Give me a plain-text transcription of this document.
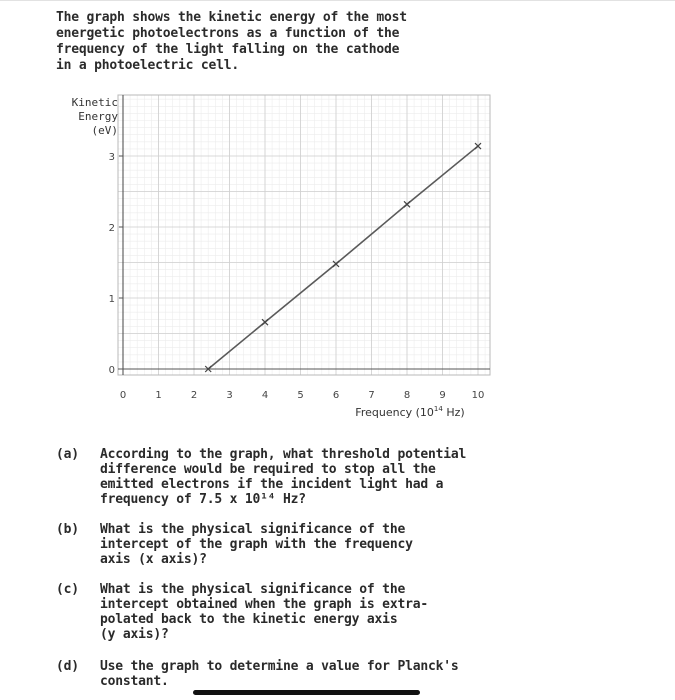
The graph shows the kinetic energy of the most
energetic photoelectrons as a function of the
frequency of the light falling on the cathode
in a photoelectric cell.
Kinetic
Energy
(eV)
0
1
2
3
0	1	2	3	4	5	6	7	8	9	10
Frequency ($10^{14}$ Hz)
(a)	According to the graph, what threshold potential
difference would be required to stop all the
emitted electrons if the incident light had a
frequency of 7.5 x 10¹⁴ Hz?
(b)	What is the physical significance of the
intercept of the graph with the frequency
axis (x axis)?
(c)	What is the physical significance of the
intercept obtained when the graph is extra-
polated back to the kinetic energy axis
(y axis)?
(d)	Use the graph to determine a value for Planck's
constant.
